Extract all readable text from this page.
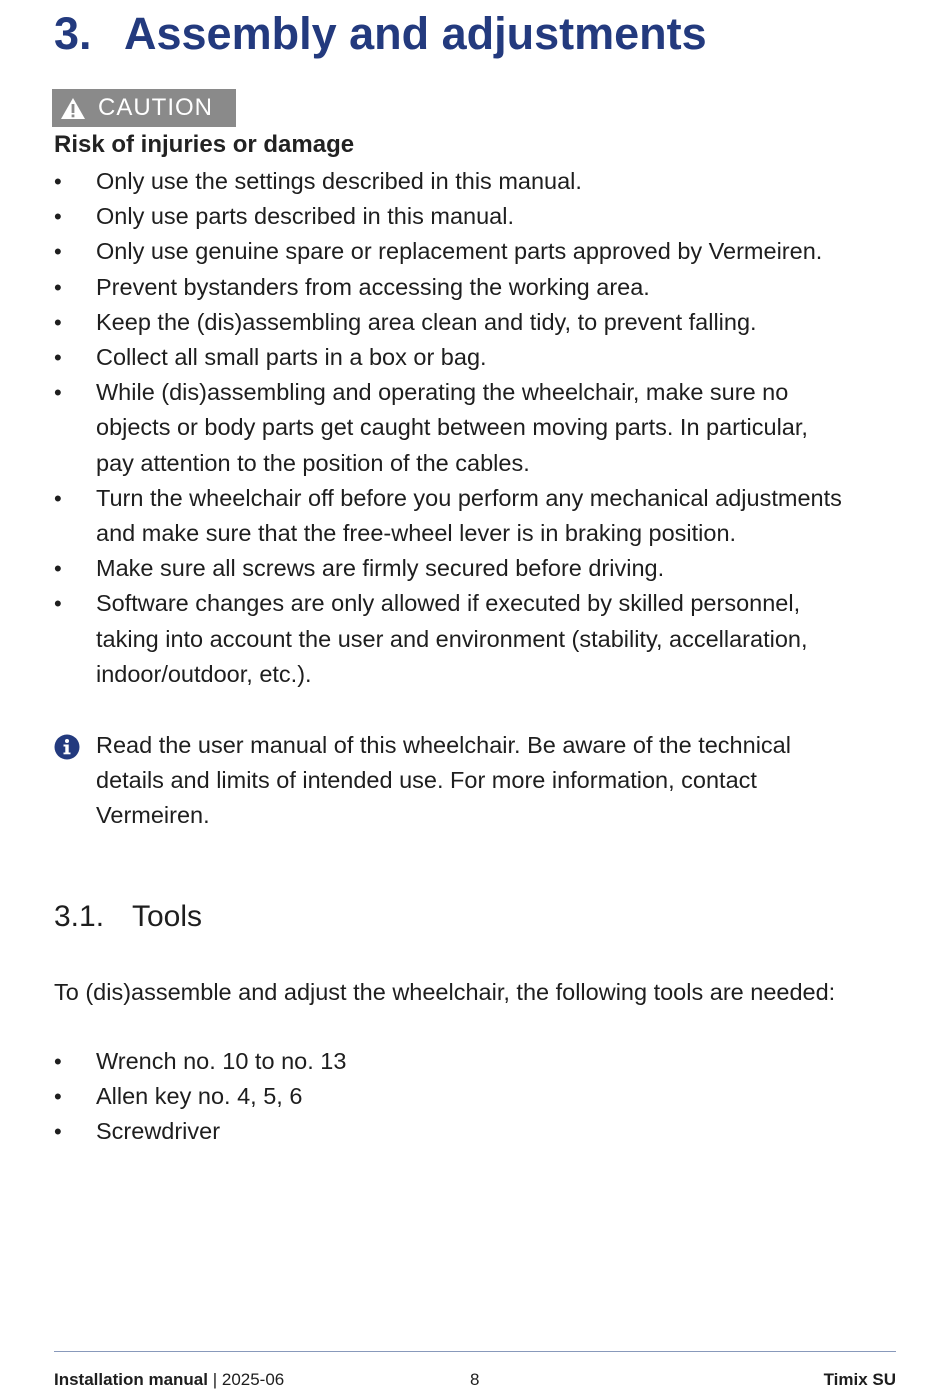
3. Assembly and adjustments
CAUTION
Risk of injuries or damage
• Only use the settings described in this manual.
• Only use parts described in this manual.
• Only use genuine spare or replacement parts approved by Vermeiren.
• Prevent bystanders from accessing the working area.
• Keep the (dis)assembling area clean and tidy, to prevent falling.
• Collect all small parts in a box or bag.
• While (dis)assembling and operating the wheelchair, make sure no
objects or body parts get caught between moving parts. In particular,
pay attention to the position of the cables.
• Turn the wheelchair off before you perform any mechanical adjustments
and make sure that the free-wheel lever is in braking position.
• Make sure all screws are firmly secured before driving.
• Software changes are only allowed if executed by skilled personnel,
taking into account the user and environment (stability, accellaration,
indoor/outdoor, etc.).
Read the user manual of this wheelchair. Be aware of the technical
details and limits of intended use. For more information, contact
Vermeiren.
3.1. Tools
To (dis)assemble and adjust the wheelchair, the following tools are needed:
• Wrench no. 10 to no. 13
• Allen key no. 4, 5, 6
• Screwdriver
Installation manual | 2025-06	8	Timix SU
